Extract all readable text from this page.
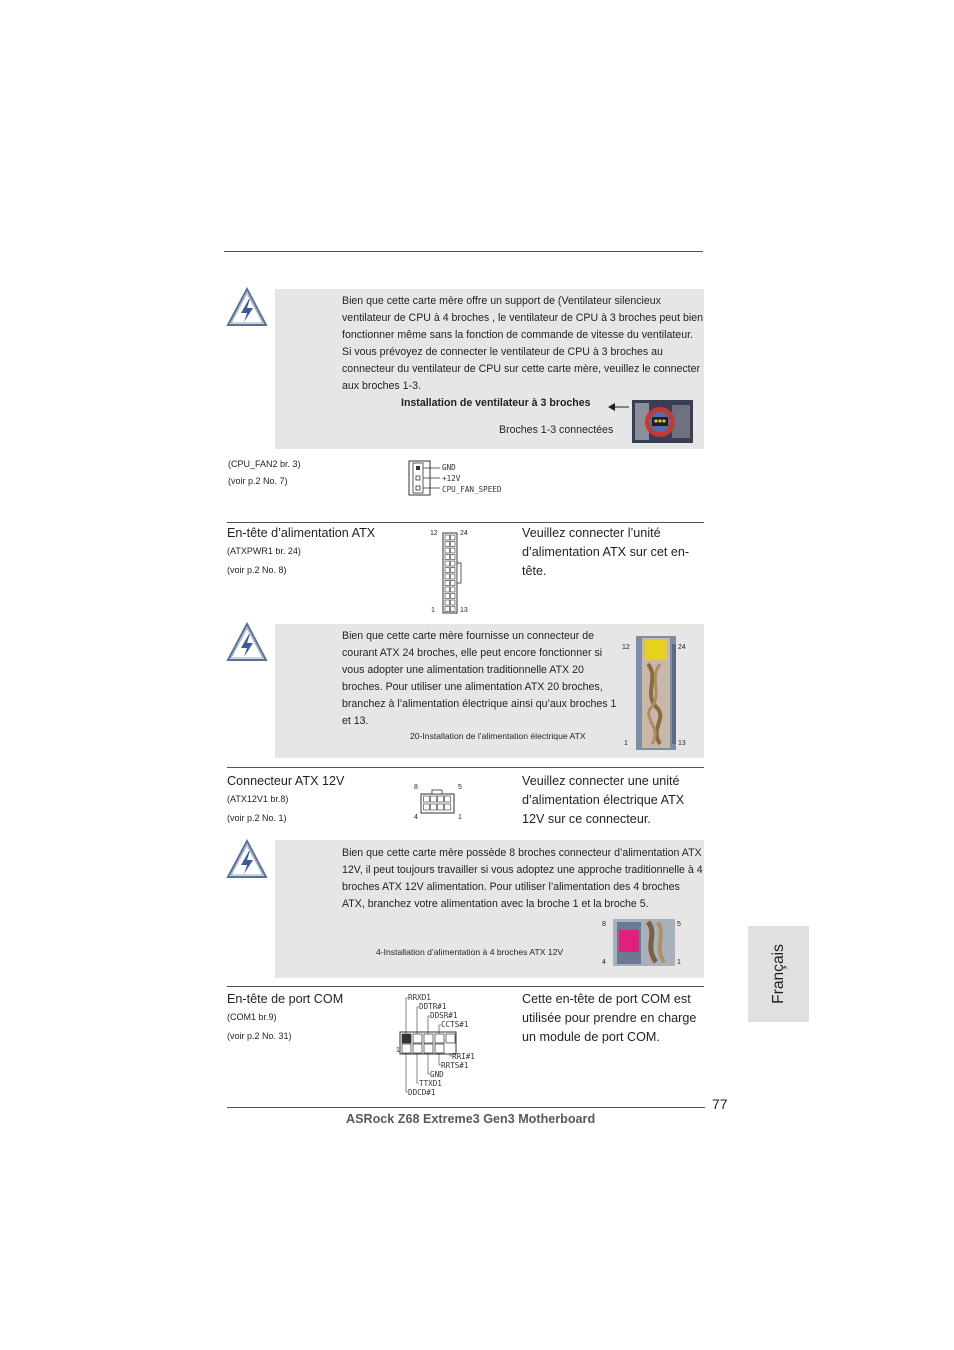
Bien que cette carte mère offre un support de (Ventilateur silencieux ventilateur de CPU à 4 broches , le ventilateur de CPU à 3 broches peut bien fonctionner même sans la fonction de commande de vitesse du ventilateur. Si vous prévoyez de connecter le ventilateur de CPU à 3 broches au connecteur du ventilateur de CPU sur cette carte mère, veuillez le connecter aux broches 1-3.
Installation de ventilateur à 3 broches
Broches 1-3 connectées
(CPU_FAN2 br. 3)
(voir p.2 No. 7)
GND
+12V
CPU_FAN_SPEED
En-tête d’alimentation ATX
(ATXPWR1 br. 24)
(voir p.2 No. 8)
12	24
1	13
Veuillez connecter l’unité d’alimentation ATX sur cet en-tête.
Bien que cette carte mère fournisse un connecteur de courant ATX 24 broches, elle peut encore fonctionner si vous adopter une alimentation traditionnelle ATX 20 broches. Pour utiliser une alimentation ATX 20 broches, branchez à l’alimentation électrique ainsi qu’aux broches 1 et 13.
20-Installation de l’alimentation électrique ATX
12	24
1	13
Connecteur ATX 12V
(ATX12V1 br.8)
(voir p.2 No. 1)
8	5
4	1
Veuillez connecter une unité d’alimentation électrique ATX 12V sur ce connecteur.
Bien que cette carte mère possède 8 broches connecteur d’alimentation ATX 12V, il peut toujours travailler si vous adoptez une approche traditionnelle à 4 broches ATX 12V alimentation. Pour utiliser l’alimentation des 4 broches ATX, branchez votre alimentation avec la broche 1 et la broche 5.
4-Installation d’alimentation à 4 broches ATX 12V
8	5
4	1
En-tête de port COM
(COM1 br.9)
(voir p.2 No. 31)
1
RRXD1
DDTR#1
DDSR#1
CCTS#1
RRI#1
RRTS#1
GND
TTXD1
DDCD#1
Cette en-tête de port COM est utilisée pour prendre en charge un module de port COM.
Français
77
ASRock Z68 Extreme3 Gen3 Motherboard
